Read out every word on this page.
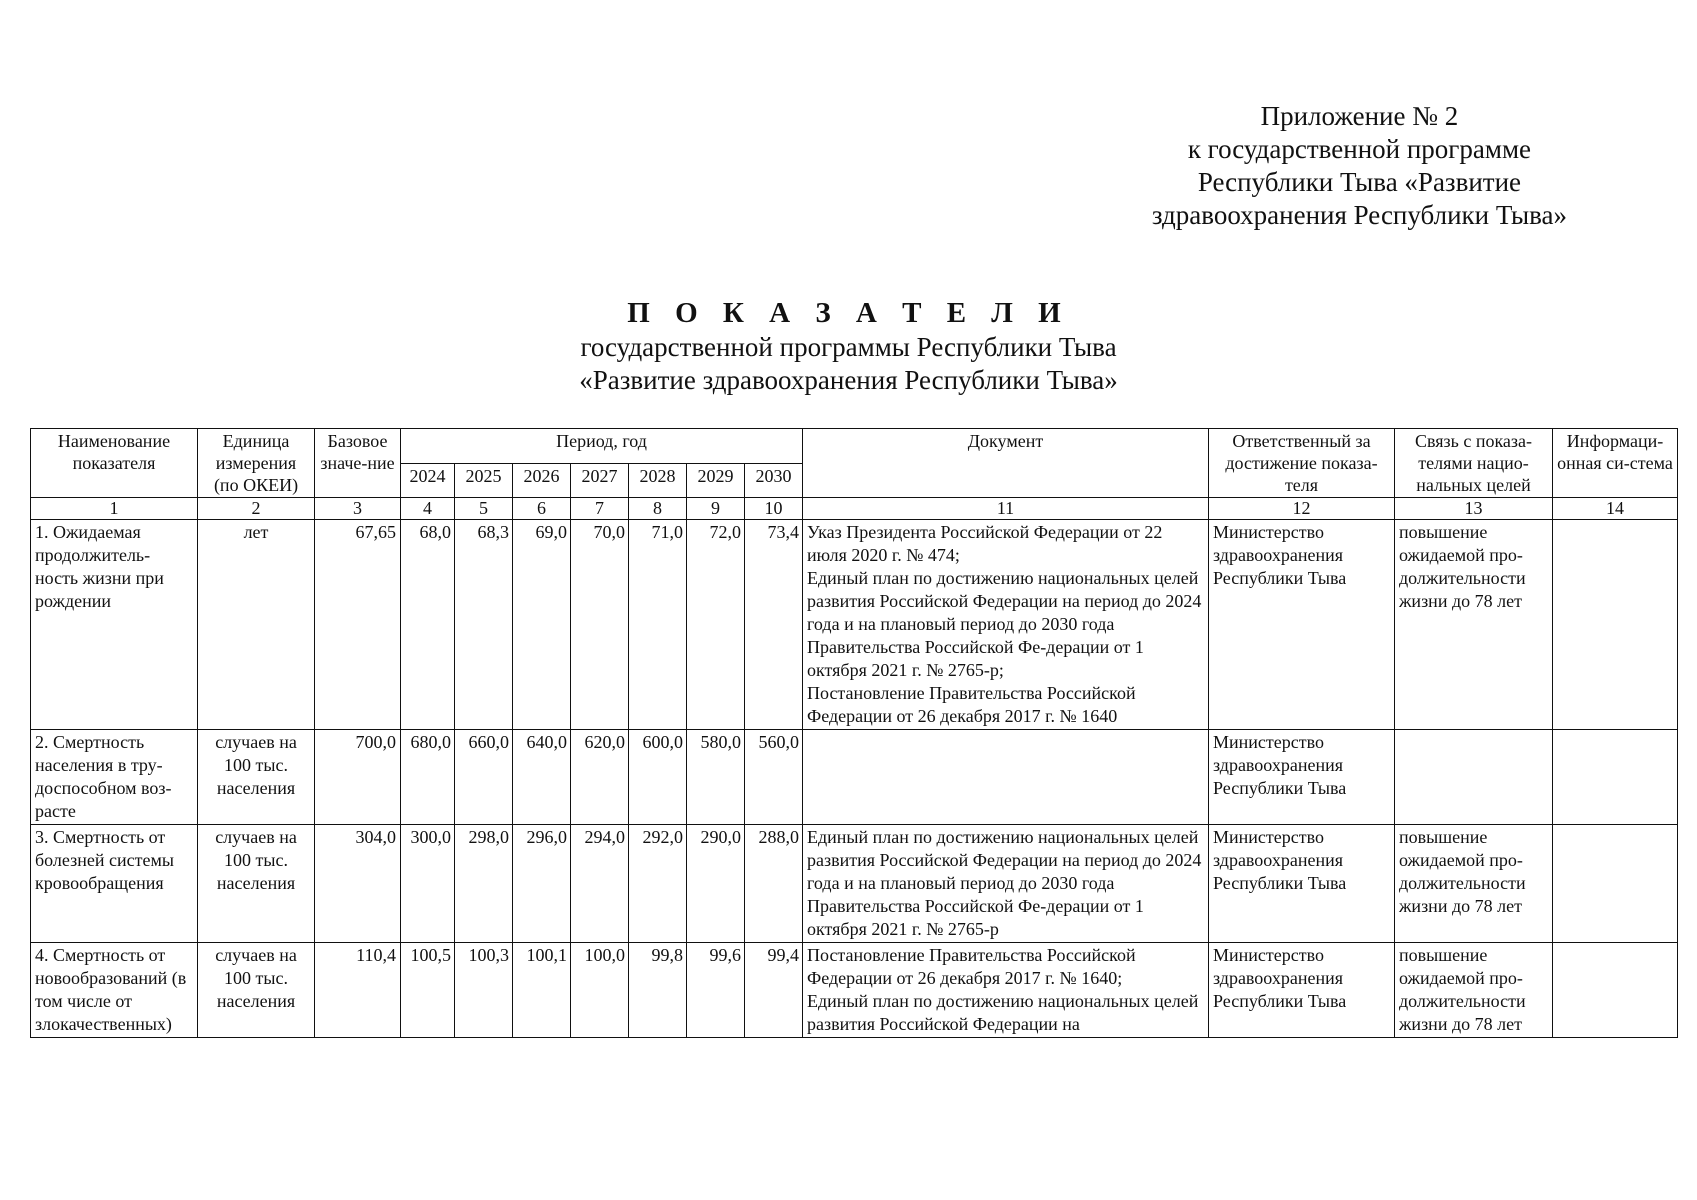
Приложение № 2
к государственной программе
Республики Тыва «Развитие
здравоохранения Республики Тыва»
П О К А З А Т Е Л И
государственной программы Республики Тыва
«Развитие здравоохранения Республики Тыва»
Наименование показателя	Единица измерения (по ОКЕИ)	Базовое значе-ние	Период, год							Документ	Ответственный за достижение показа-теля	Связь с показа-телями нацио-нальных целей	Информаци-онная си-стема
			2024	2025	2026	2027	2028	2029	2030				
1	2	3	4	5	6	7	8	9	10	11	12	13	14
1. Ожидаемая продолжитель-ность жизни при рождении	лет	67,65	68,0	68,3	69,0	70,0	71,0	72,0	73,4	Указ Президента Российской Федерации от 22 июля 2020 г. № 474;
Единый план по достижению национальных целей развития Российской Федерации на период до 2024 года и на плановый период до 2030 года Правительства Российской Фе-дерации от 1 октября 2021 г. № 2765-р;
Постановление Правительства Российской Федерации от 26 декабря 2017 г. № 1640	Министерство здравоохранения Республики Тыва	повышение ожидаемой про-должительности жизни до 78 лет	
2. Смертность населения в тру-доспособном воз-расте	случаев на 100 тыс. населения	700,0	680,0	660,0	640,0	620,0	600,0	580,0	560,0		Министерство здравоохранения Республики Тыва		
3. Смертность от болезней системы кровообращения	случаев на 100 тыс. населения	304,0	300,0	298,0	296,0	294,0	292,0	290,0	288,0	Единый план по достижению национальных целей развития Российской Федерации на период до 2024 года и на плановый период до 2030 года Правительства Российской Фе-дерации от 1 октября 2021 г. № 2765-р	Министерство здравоохранения Республики Тыва	повышение ожидаемой про-должительности жизни до 78 лет	
4. Смертность от новообразований (в том числе от злокачественных)	случаев на 100 тыс. населения	110,4	100,5	100,3	100,1	100,0	99,8	99,6	99,4	Постановление Правительства Российской Федерации от 26 декабря 2017 г. № 1640;
Единый план по достижению национальных целей развития Российской Федерации на	Министерство здравоохранения Республики Тыва	повышение ожидаемой про-должительности жизни до 78 лет	
